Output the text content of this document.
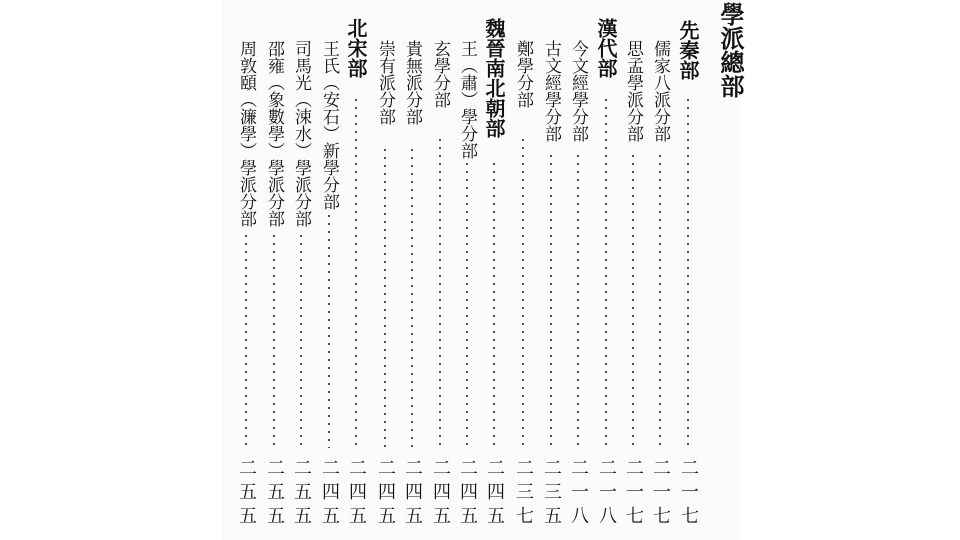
學派總部
先秦部
二一七
儒家八派分部
二一七
思孟學派分部
二一七
漢代部
二一八
今文經學分部
二一八
古文經學分部
二三五
鄭學分部
二三七
魏晉南北朝部
二四五
王︵肅︶學分部
二四五
玄學分部
二四五
貴無派分部
二四五
崇有派分部
二四五
北宋部
二四五
王氏︵安石︶新學分部
二四五
司馬光︵涑水︶學派分部
二五五
邵雍︵象數學︶學派分部
二五五
周敦頤︵濂學︶學派分部
二五五
